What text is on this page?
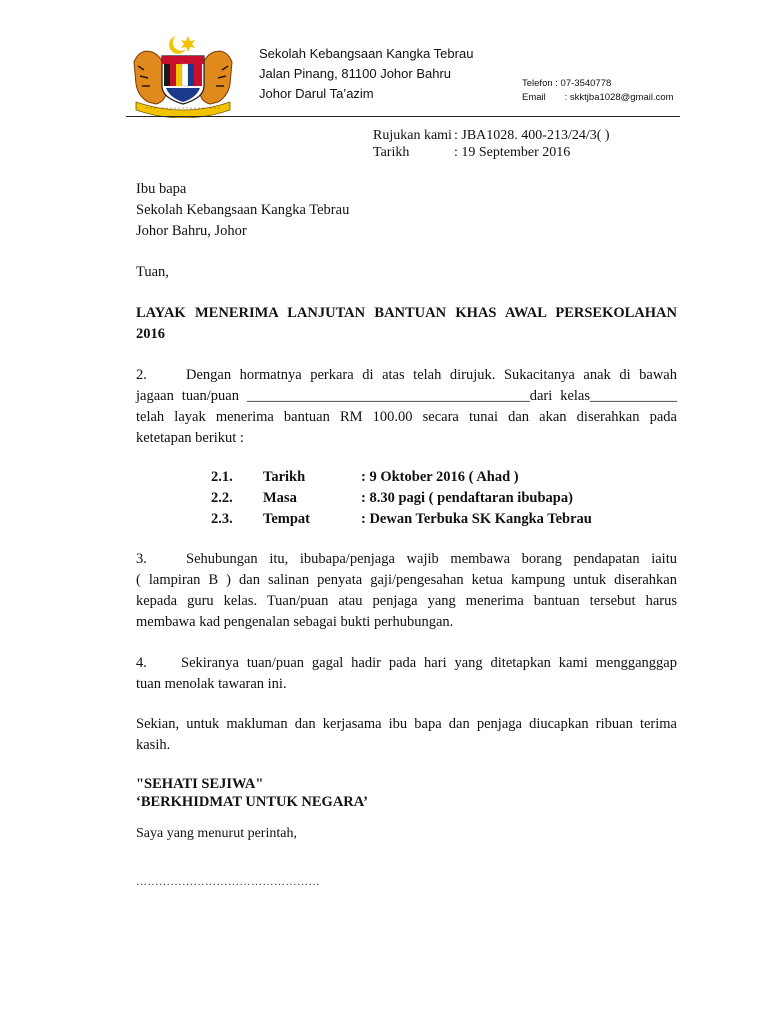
Sekolah Kebangsaan Kangka Tebrau
Jalan Pinang, 81100 Johor Bahru
Johor Darul Ta’azim
Telefon : 07-3540778
Email : skktjba1028@gmail.com
Rujukan kami : JBA1028. 400-213/24/3( )
Tarikh	: 19 September 2016
Ibu bapa
Sekolah Kebangsaan Kangka Tebrau
Johor Bahru, Johor
Tuan,
LAYAK MENERIMA LANJUTAN BANTUAN KHAS AWAL PERSEKOLAHAN
2016
2.	Dengan hormatnya perkara di atas telah dirujuk. Sukacitanya anak di bawah
jagaan tuan/puan _______________________________________dari kelas____________
telah layak menerima bantuan RM 100.00 secara tunai dan akan diserahkan pada
ketetapan berikut :
2.1. Tarikh	: 9 Oktober 2016 ( Ahad )
2.2. Masa	: 8.30 pagi ( pendaftaran ibubapa)
2.3. Tempat	: Dewan Terbuka SK Kangka Tebrau
3.	Sehubungan itu, ibubapa/penjaga wajib membawa borang pendapatan iaitu
( lampiran B ) dan salinan penyata gaji/pengesahan ketua kampung untuk diserahkan
kepada guru kelas. Tuan/puan atau penjaga yang menerima bantuan tersebut harus
membawa kad pengenalan sebagai bukti perhubungan.
4. Sekiranya tuan/puan gagal hadir pada hari yang ditetapkan kami mengganggap
tuan menolak tawaran ini.
Sekian, untuk makluman dan kerjasama ibu bapa dan penjaga diucapkan ribuan terima
kasih.
"SEHATI SEJIWA"
‘BERKHIDMAT UNTUK NEGARA’
Saya yang menurut perintah,
…………………………………………
